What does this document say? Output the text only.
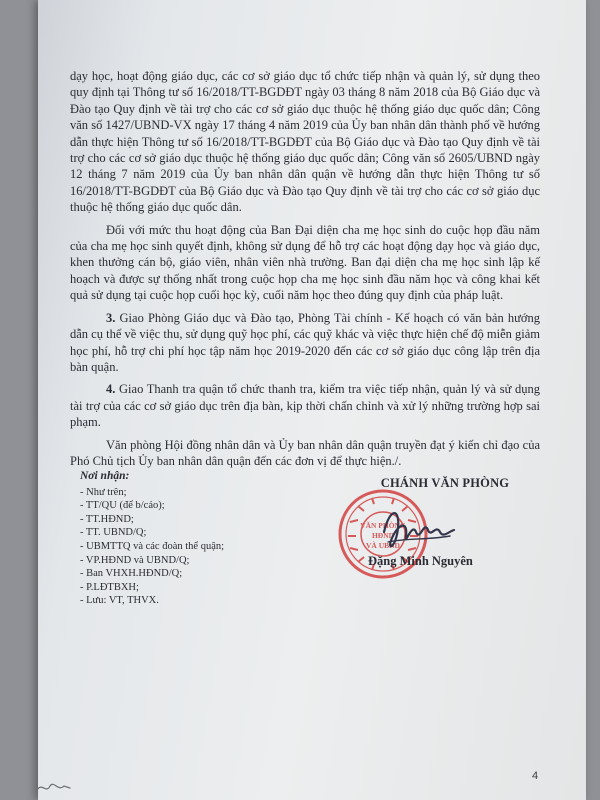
dạy học, hoạt động giáo dục, các cơ sở giáo dục tổ chức tiếp nhận và quản lý, sử dụng theo quy định tại Thông tư số 16/2018/TT-BGDĐT ngày 03 tháng 8 năm 2018 của Bộ Giáo dục và Đào tạo Quy định về tài trợ cho các cơ sở giáo dục thuộc hệ thống giáo dục quốc dân; Công văn số 1427/UBND-VX ngày 17 tháng 4 năm 2019 của Ủy ban nhân dân thành phố về hướng dẫn thực hiện Thông tư số 16/2018/TT-BGDĐT của Bộ Giáo dục và Đào tạo Quy định về tài trợ cho các cơ sở giáo dục thuộc hệ thống giáo dục quốc dân; Công văn số 2605/UBND ngày 12 tháng 7 năm 2019 của Ủy ban nhân dân quận về hướng dẫn thực hiện Thông tư số 16/2018/TT-BGDĐT của Bộ Giáo dục và Đào tạo Quy định về tài trợ cho các cơ sở giáo dục thuộc hệ thống giáo dục quốc dân.

Đối với mức thu hoạt động của Ban Đại diện cha mẹ học sinh do cuộc họp đầu năm của cha mẹ học sinh quyết định, không sử dụng để hỗ trợ các hoạt động dạy học và giáo dục, khen thưởng cán bộ, giáo viên, nhân viên nhà trường. Ban đại diện cha mẹ học sinh lập kế hoạch và được sự thống nhất trong cuộc họp cha mẹ học sinh đầu năm học và công khai kết quả sử dụng tại cuộc họp cuối học kỳ, cuối năm học theo đúng quy định của pháp luật.

3. Giao Phòng Giáo dục và Đào tạo, Phòng Tài chính - Kế hoạch có văn bản hướng dẫn cụ thể về việc thu, sử dụng quỹ học phí, các quỹ khác và việc thực hiện chế độ miễn giảm học phí, hỗ trợ chi phí học tập năm học 2019-2020 đến các cơ sở giáo dục công lập trên địa bàn quận.

4. Giao Thanh tra quận tổ chức thanh tra, kiểm tra việc tiếp nhận, quản lý và sử dụng tài trợ của các cơ sở giáo dục trên địa bàn, kịp thời chấn chỉnh và xử lý những trường hợp sai phạm.

Văn phòng Hội đồng nhân dân và Ủy ban nhân dân quận truyền đạt ý kiến chỉ đạo của Phó Chủ tịch Ủy ban nhân dân quận đến các đơn vị để thực hiện./.

Nơi nhận:
- Như trên;
- TT/QU (để b/cáo);
- TT.HĐND;
- TT. UBND/Q;
- UBMTTQ và các đoàn thể quận;
- VP.HĐND và UBND/Q;
- Ban VHXH.HĐND/Q;
- P.LĐTBXH;
- Lưu: VT, THVX.
VĂN PHÒNG
HĐND
VÀ UBND
CHÁNH VĂN PHÒNG
Đặng Minh Nguyên
4
